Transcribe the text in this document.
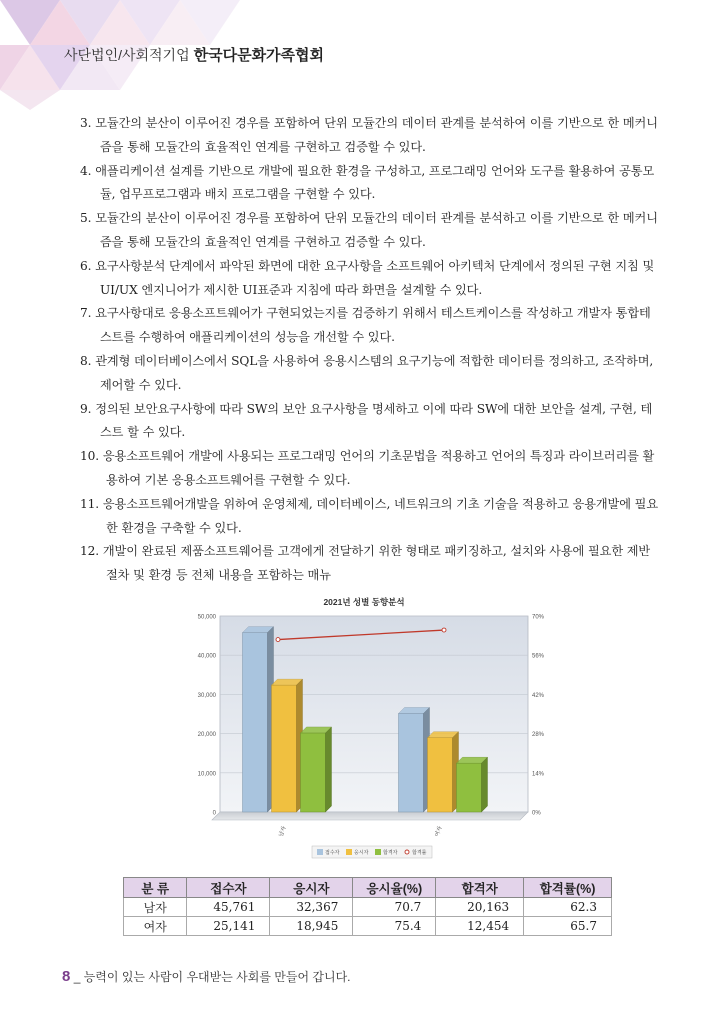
사단법인/사회적기업 한국다문화가족협회
3. 모듈간의 분산이 이루어진 경우를 포함하여 단위 모듈간의 데이터 관계를 분석하여 이를 기반으로 한 메커니즘을 통해 모듈간의 효율적인 연계를 구현하고 검증할 수 있다.
4. 애플리케이션 설계를 기반으로 개발에 필요한 환경을 구성하고, 프로그래밍 언어와 도구를 활용하여 공통모듈, 업무프로그램과 배치 프로그램을 구현할 수 있다.
5. 모듈간의 분산이 이루어진 경우를 포함하여 단위 모듈간의 데이터 관계를 분석하고 이를 기반으로 한 메커니즘을 통해 모듈간의 효율적인 연계를 구현하고 검증할 수 있다.
6. 요구사항분석 단계에서 파악된 화면에 대한 요구사항을 소프트웨어 아키텍처 단계에서 정의된 구현 지침 및 UI/UX 엔지니어가 제시한 UI표준과 지침에 따라 화면을 설계할 수 있다.
7. 요구사항대로 응용소프트웨어가 구현되었는지를 검증하기 위해서 테스트케이스를 작성하고 개발자 통합테스트를 수행하여 애플리케이션의 성능을 개선할 수 있다.
8. 관계형 데이터베이스에서 SQL을 사용하여 응용시스템의 요구기능에 적합한 데이터를 정의하고, 조작하며, 제어할 수 있다.
9. 정의된 보안요구사항에 따라 SW의 보안 요구사항을 명세하고 이에 따라 SW에 대한 보안을 설계, 구현, 테스트 할 수 있다.
10. 응용소프트웨어 개발에 사용되는 프로그래밍 언어의 기초문법을 적용하고 언어의 특징과 라이브러리를 활용하여 기본 응용소프트웨어를 구현할 수 있다.
11. 응용소프트웨어개발을 위하여 운영체제, 데이터베이스, 네트워크의 기초 기술을 적용하고 응용개발에 필요한 환경을 구축할 수 있다.
12. 개발이 완료된 제품소프트웨어를 고객에게 전달하기 위한 형태로 패키징하고, 설치와 사용에 필요한 제반 절차 및 환경 등 전체 내용을 포함하는 매뉴
2021년 성별 동향분석
0	0%
10,000	14%
20,000	28%
30,000	42%
40,000	56%
50,000	70%
남자	여자
접수자	응시자	합격자	합격률
분 류	접수자	응시자	응시율(%)	합격자	합격률(%)
남자	45,761	32,367	70.7	20,163	62.3
여자	25,141	18,945	75.4	12,454	65.7
8 _ 능력이 있는 사람이 우대받는 사회를 만들어 갑니다.
